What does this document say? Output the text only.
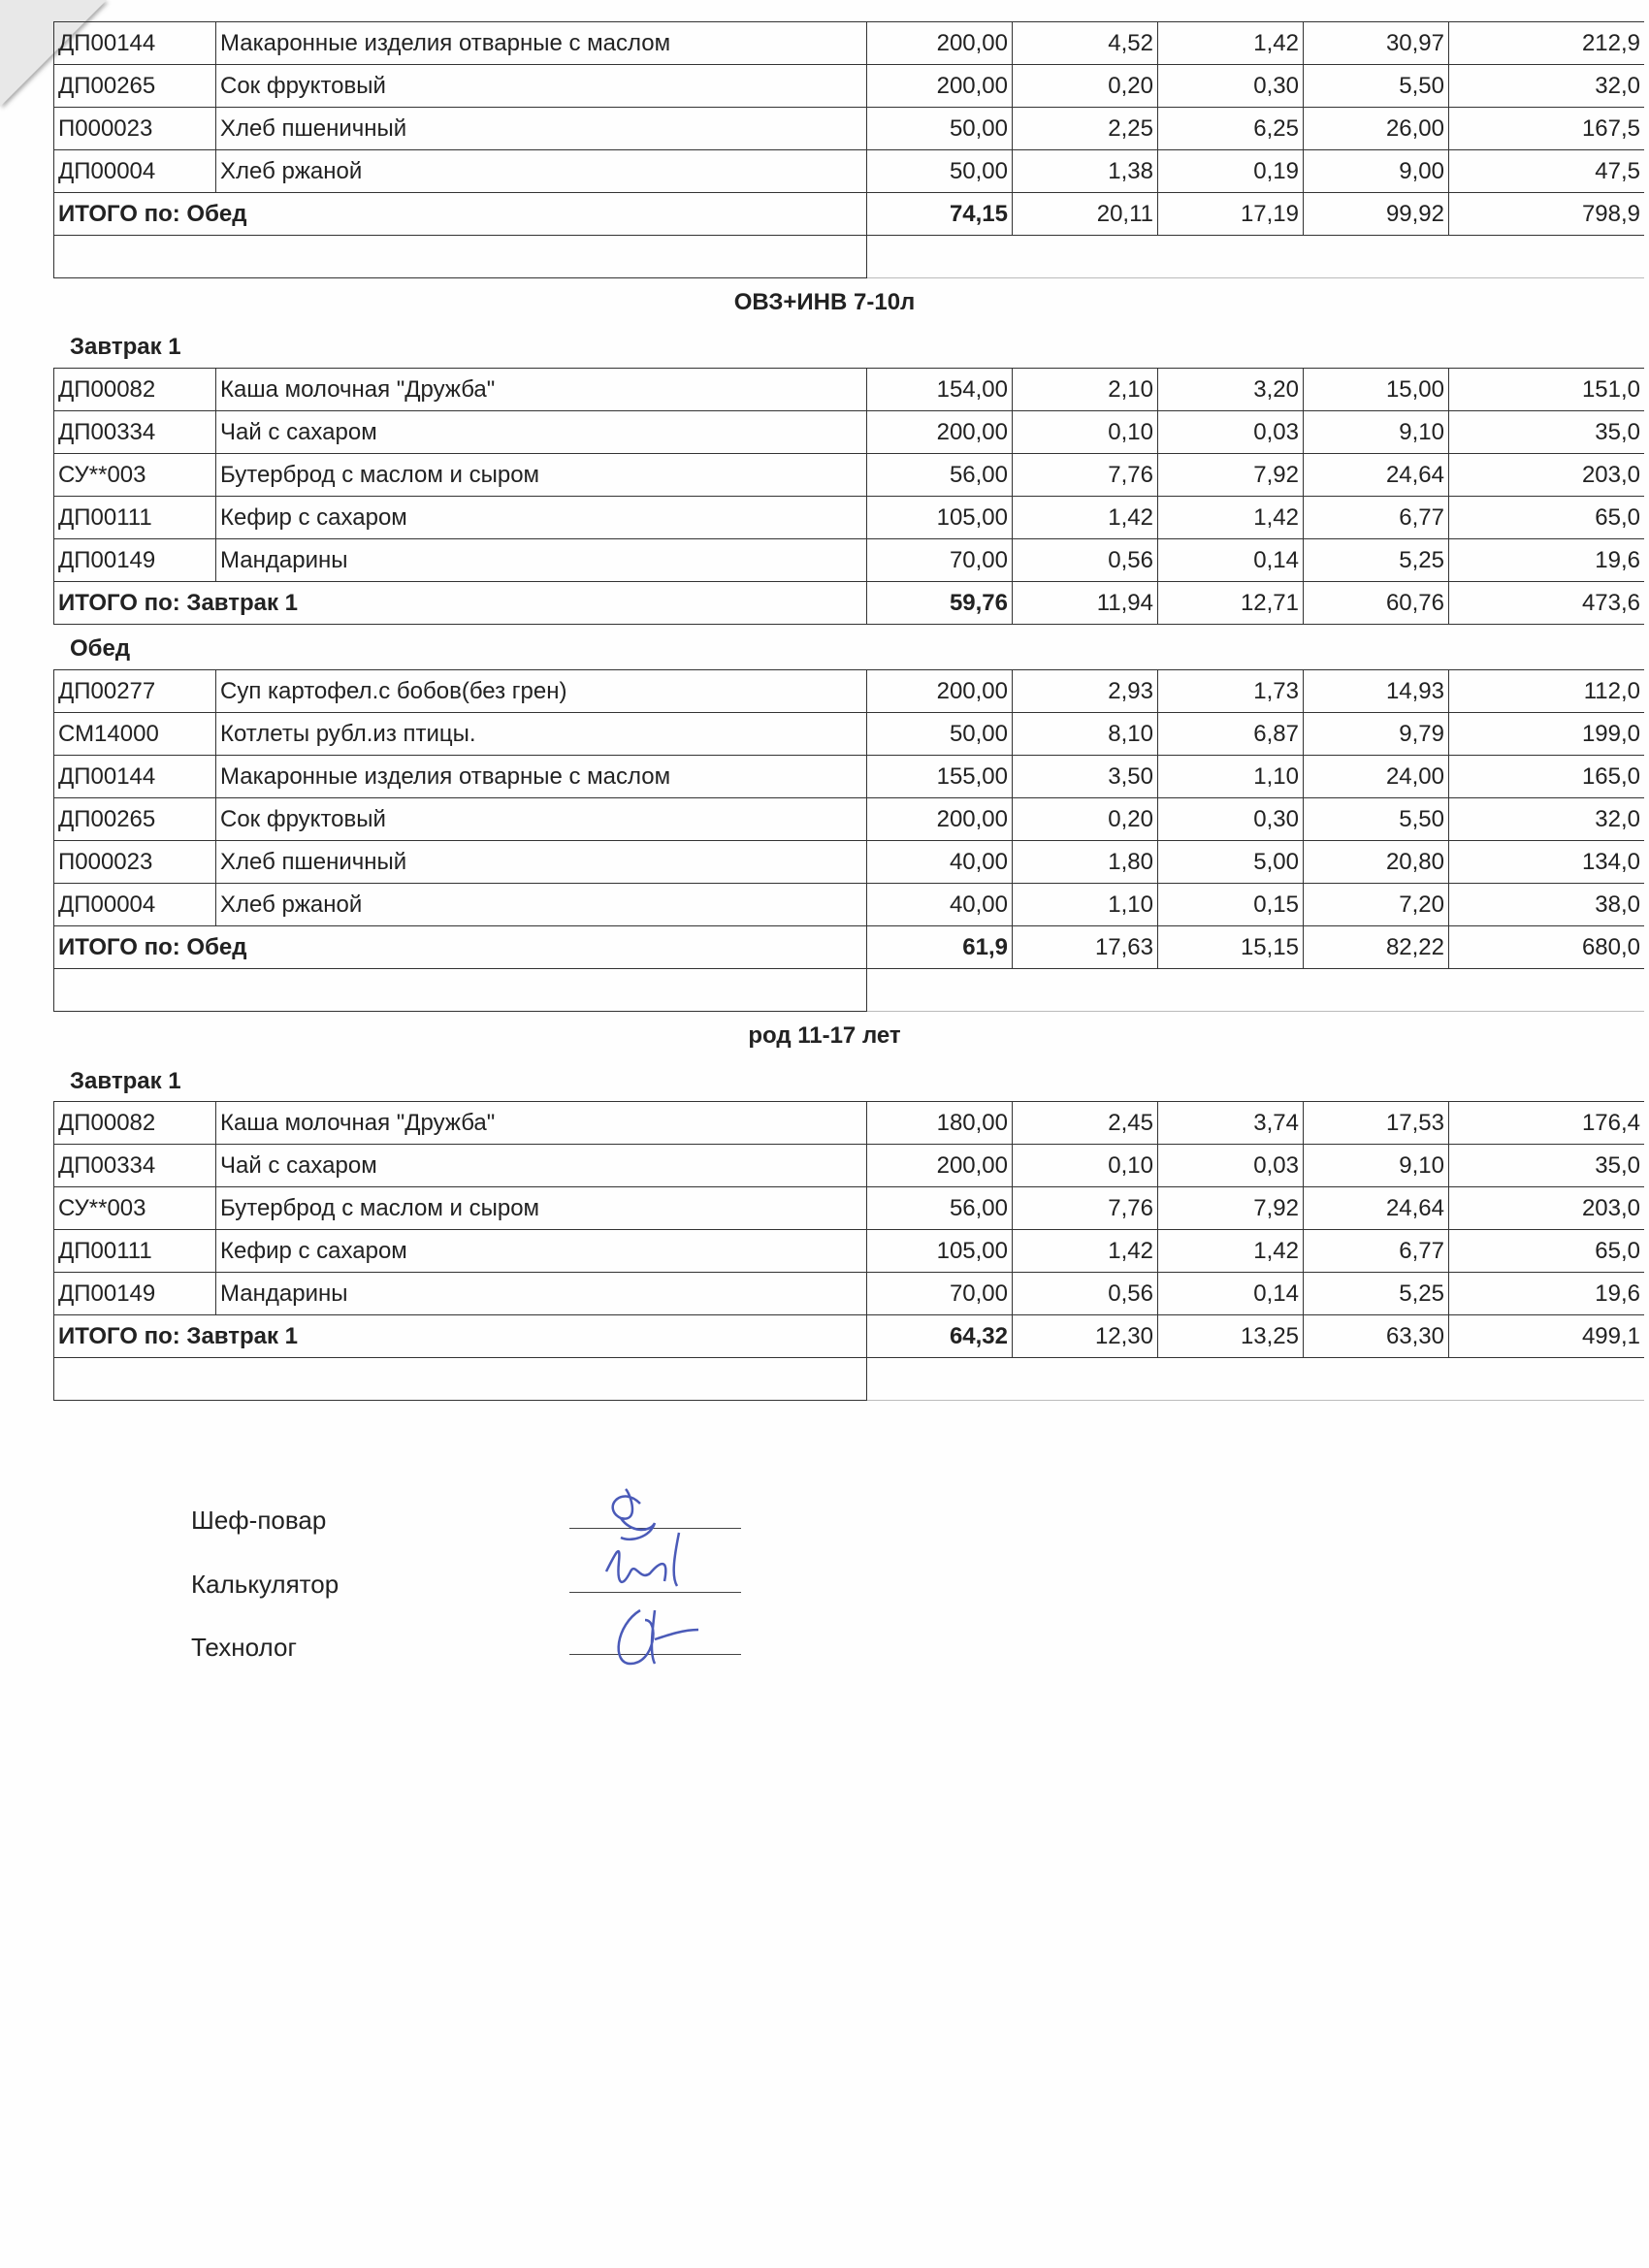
ДП00144	Макаронные изделия отварные с маслом	200,00	4,52	1,42	30,97	212,9
ДП00265	Сок фруктовый	200,00	0,20	0,30	5,50	32,0
П000023	Хлеб пшеничный	50,00	2,25	6,25	26,00	167,5
ДП00004	Хлеб ржаной	50,00	1,38	0,19	9,00	47,5
ИТОГО по: Обед		74,15	20,11	17,19	99,92	798,9

ОВЗ+ИНВ 7-10л
Завтрак 1
ДП00082	Каша молочная "Дружба"	154,00	2,10	3,20	15,00	151,0
ДП00334	Чай с сахаром	200,00	0,10	0,03	9,10	35,0
СУ**003	Бутерброд с маслом и сыром	56,00	7,76	7,92	24,64	203,0
ДП00111	Кефир с сахаром	105,00	1,42	1,42	6,77	65,0
ДП00149	Мандарины	70,00	0,56	0,14	5,25	19,6
ИТОГО по: Завтрак 1		59,76	11,94	12,71	60,76	473,6
Обед
ДП00277	Суп картофел.с бобов(без грен)	200,00	2,93	1,73	14,93	112,0
СМ14000	Котлеты рубл.из птицы.	50,00	8,10	6,87	9,79	199,0
ДП00144	Макаронные изделия отварные с маслом	155,00	3,50	1,10	24,00	165,0
ДП00265	Сок фруктовый	200,00	0,20	0,30	5,50	32,0
П000023	Хлеб пшеничный	40,00	1,80	5,00	20,80	134,0
ДП00004	Хлеб ржаной	40,00	1,10	0,15	7,20	38,0
ИТОГО по: Обед		61,9	17,63	15,15	82,22	680,0

род 11-17 лет
Завтрак 1
ДП00082	Каша молочная "Дружба"	180,00	2,45	3,74	17,53	176,4
ДП00334	Чай с сахаром	200,00	0,10	0,03	9,10	35,0
СУ**003	Бутерброд с маслом и сыром	56,00	7,76	7,92	24,64	203,0
ДП00111	Кефир с сахаром	105,00	1,42	1,42	6,77	65,0
ДП00149	Мандарины	70,00	0,56	0,14	5,25	19,6
ИТОГО по: Завтрак 1		64,32	12,30	13,25	63,30	499,1

Шеф-повар
Калькулятор
Технолог
